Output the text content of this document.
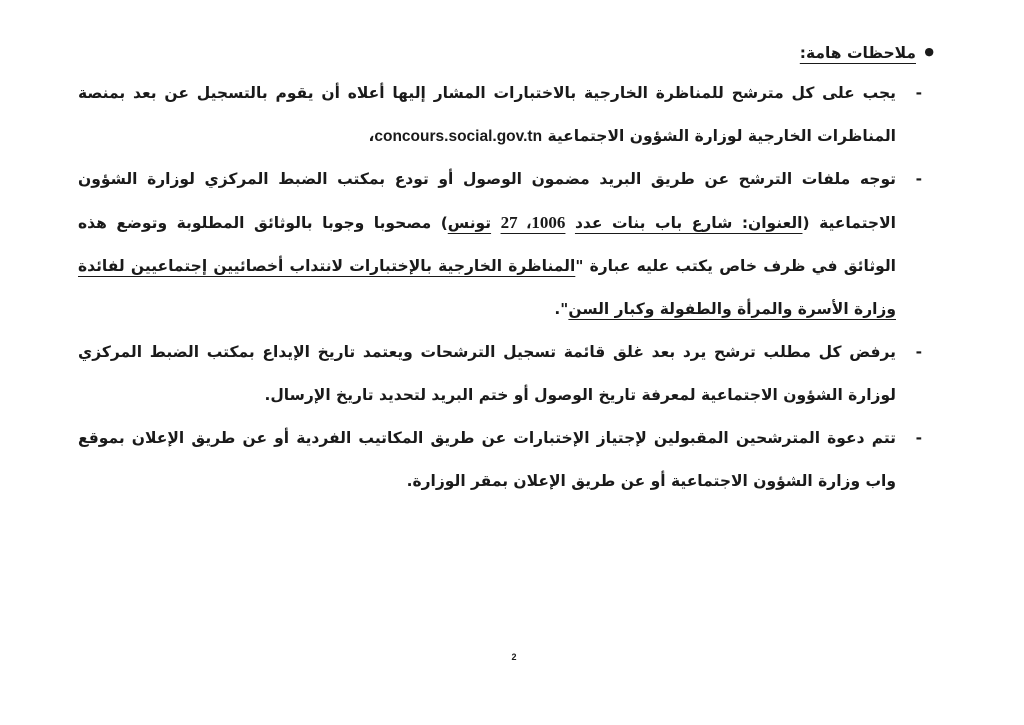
●
ملاحظات هامة:

-
يجب على كل مترشح للمناظرة الخارجية بالاختبارات المشار إليها أعلاه أن يقوم بالتسجيل عن بعد بمنصة المناظرات الخارجية لوزارة الشؤون الاجتماعية concours.social.gov.tn،

-
توجه ملفات الترشح عن طريق البريد مضمون الوصول أو تودع بمكتب الضبط المركزي لوزارة الشؤون الاجتماعية (العنوان: شارع باب بنات عدد 27 ،1006 تونس) مصحوبا وجوبا بالوثائق المطلوبة وتوضع هذه الوثائق في ظرف خاص يكتب عليه عبارة "المناظرة الخارجية بالإختبارات لانتداب أخصائيين إجتماعيين لفائدة وزارة الأسرة والمرأة والطفولة وكبار السن".

-
يرفض كل مطلب ترشح يرد بعد غلق قائمة تسجيل الترشحات ويعتمد تاريخ الإيداع بمكتب الضبط المركزي لوزارة الشؤون الاجتماعية لمعرفة تاريخ الوصول أو ختم البريد لتحديد تاريخ الإرسال.

-
تتم دعوة المترشحين المقبولين لإجتياز الإختبارات عن طريق المكاتيب الفردية أو عن طريق الإعلان بموقع واب وزارة الشؤون الاجتماعية أو عن طريق الإعلان بمقر الوزارة.

2
